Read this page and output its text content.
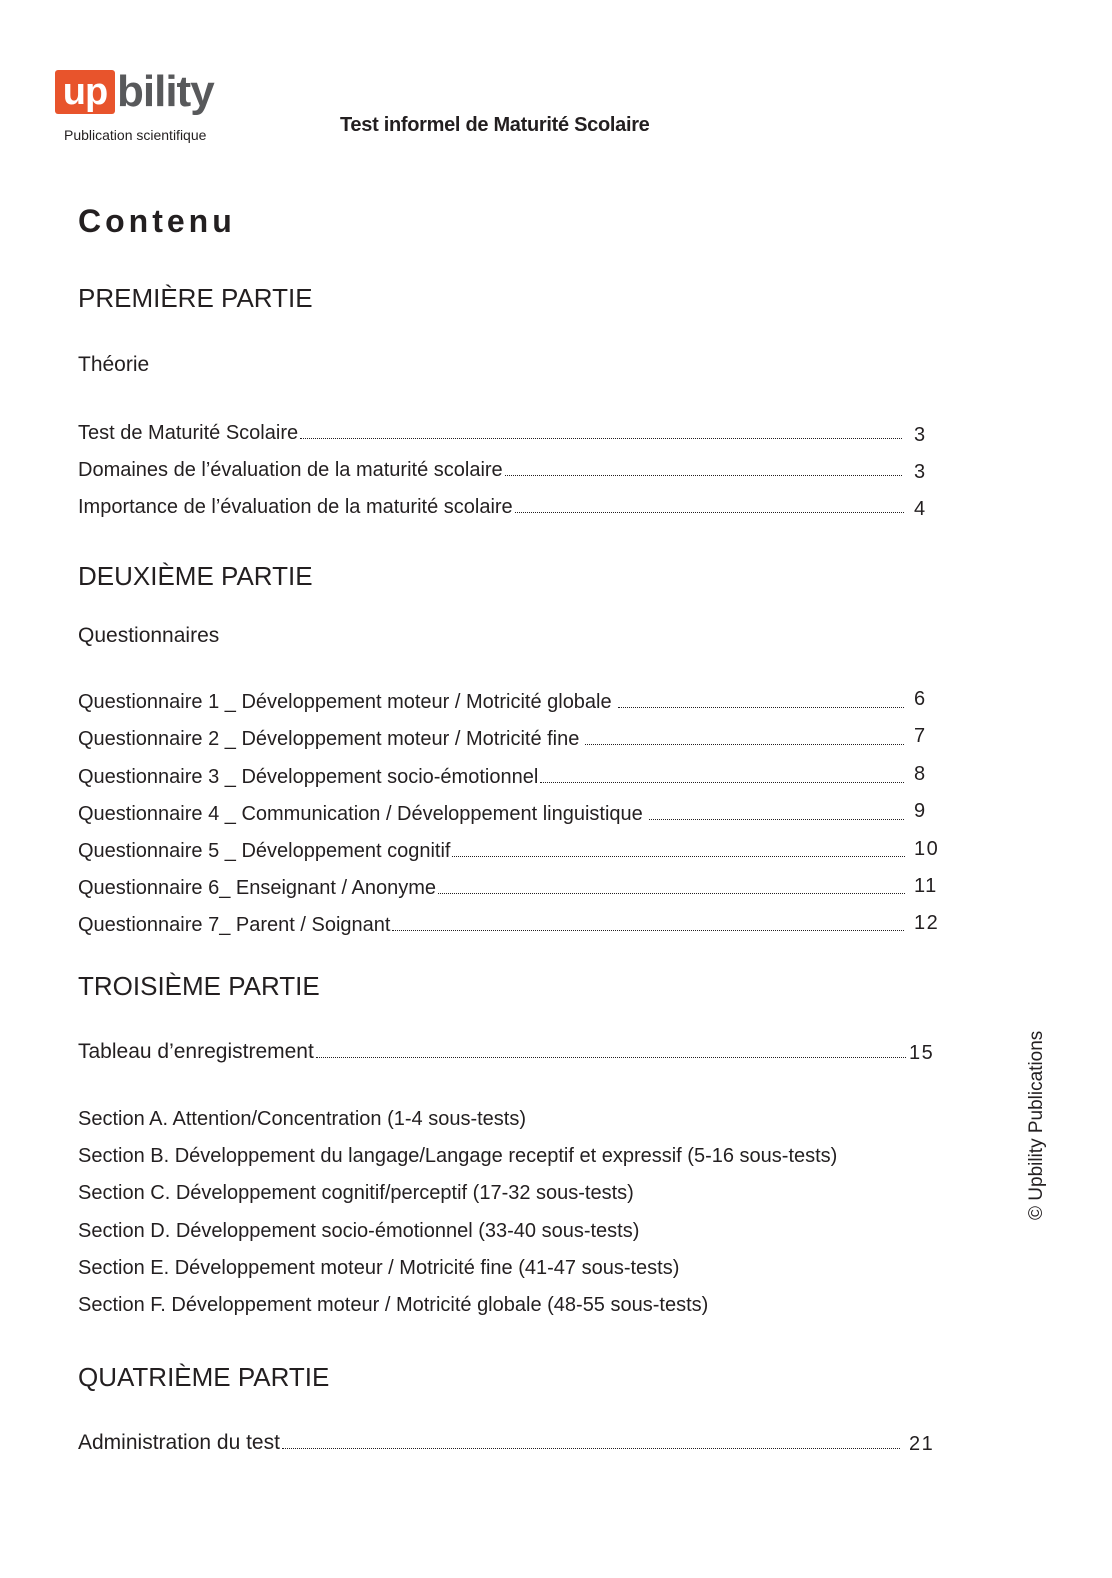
up bility
Publication scientifique	Test informel de Maturité Scolaire
Contenu
PREMIÈRE PARTIE
Théorie
Test de Maturité Scolaire	3
Domaines de l’évaluation de la maturité scolaire	3
Importance de l’évaluation de la maturité scolaire	4
DEUXIÈME PARTIE
Questionnaires
Questionnaire 1 _ Développement moteur / Motricité globale	6
Questionnaire 2 _ Développement moteur / Motricité fine	7
Questionnaire 3 _ Développement socio-émotionnel	8
Questionnaire 4 _ Communication / Développement linguistique	9
Questionnaire 5 _ Développement cognitif	10
Questionnaire 6_ Enseignant / Anonyme	11
Questionnaire 7_ Parent / Soignant	12
TROISIÈME PARTIE
Tableau d’enregistrement	15
Section A. Attention/Concentration (1-4 sous-tests)
Section B. Développement du langage/Langage receptif et expressif (5-16 sous-tests)
Section C. Développement cognitif/perceptif (17-32 sous-tests)
Section D. Développement socio-émotionnel (33-40 sous-tests)
Section E. Développement moteur / Motricité fine (41-47 sous-tests)
Section F. Développement moteur / Motricité globale (48-55 sous-tests)
QUATRIÈME PARTIE
Administration du test	21
© Upbility Publications
